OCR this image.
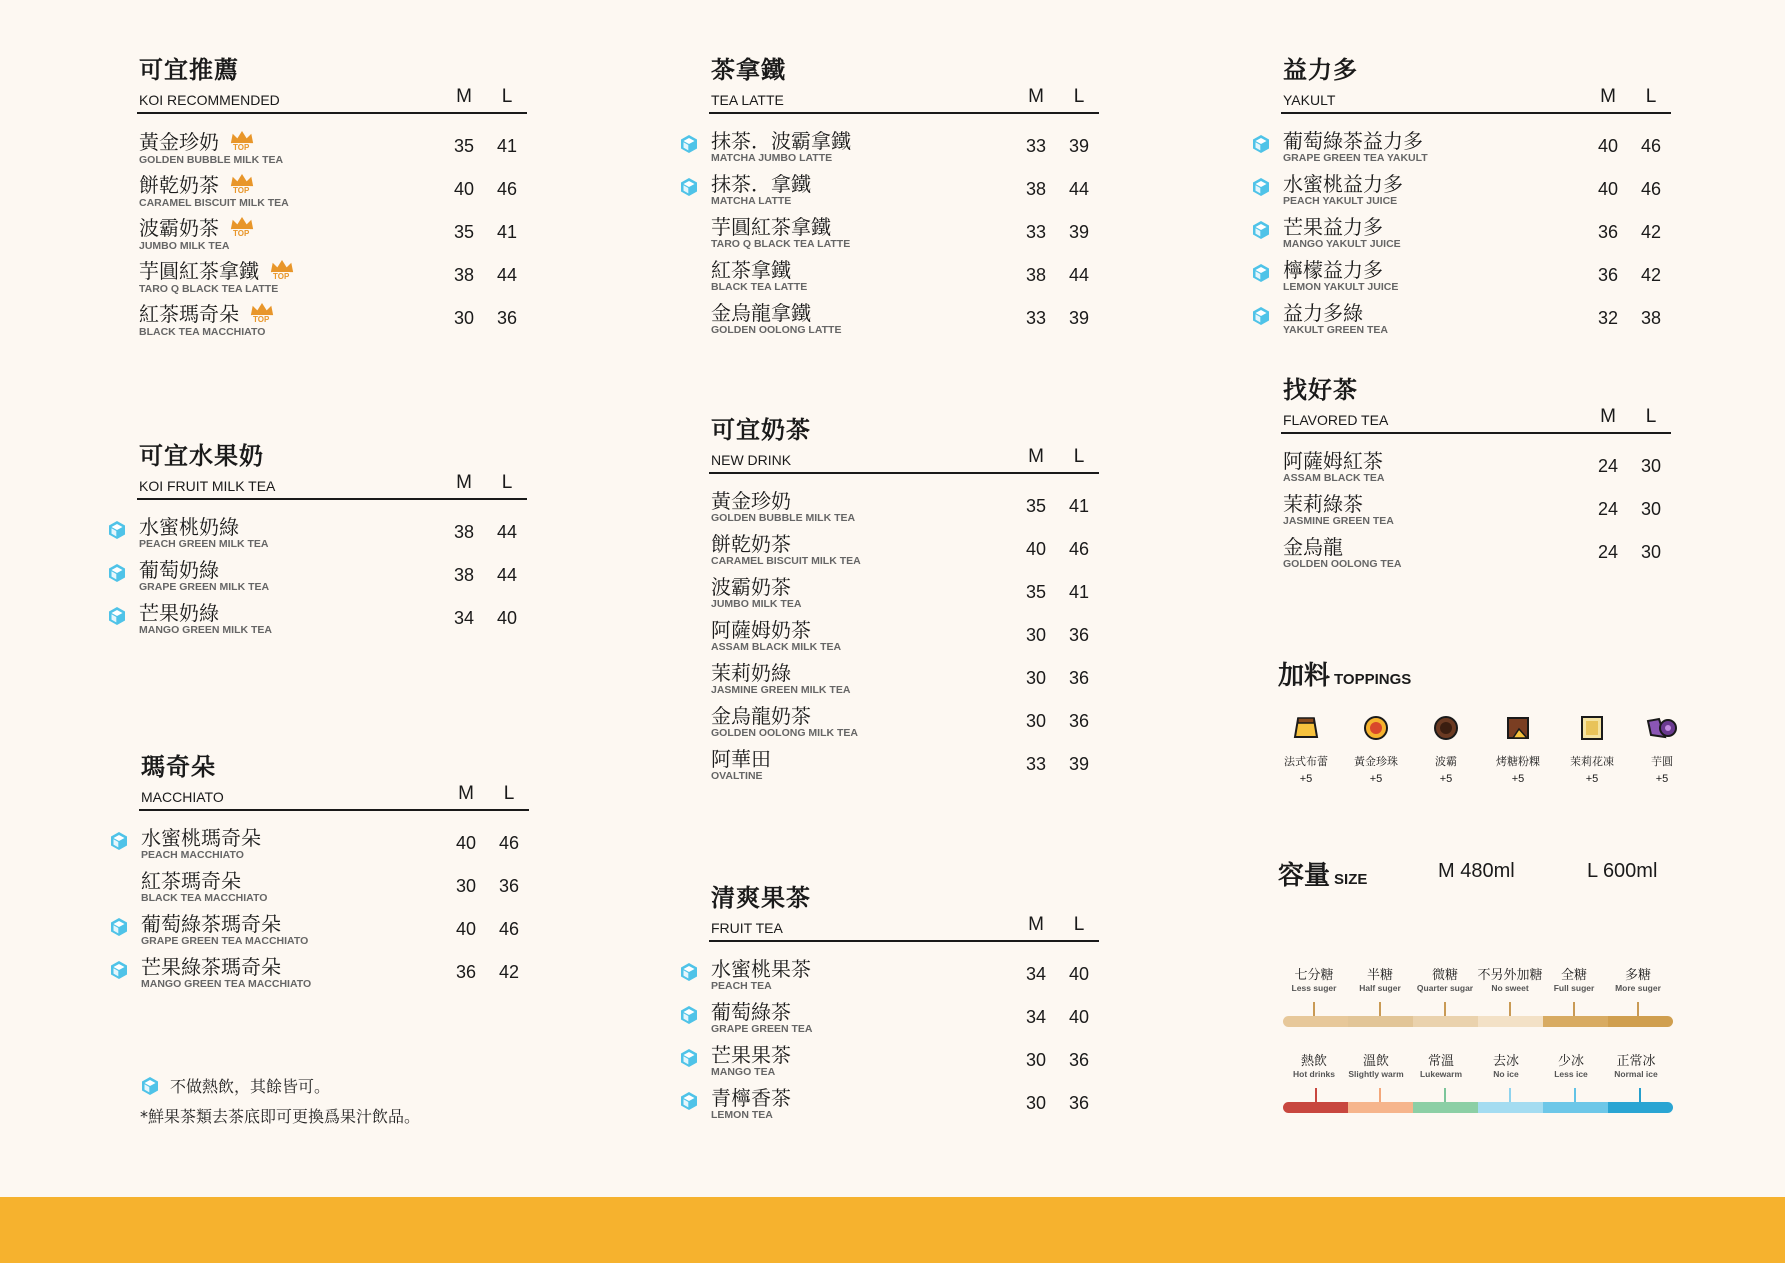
可宜推薦
KOI RECOMMENDED	M	L
黃金珍奶 TOP
GOLDEN BUBBLE MILK TEA
35	41
餅乾奶茶 TOP
CARAMEL BISCUIT MILK TEA
40	46
波霸奶茶 TOP
JUMBO MILK TEA
35	41
芋圓紅茶拿鐵 TOP
TARO Q BLACK TEA LATTE
38	44
紅茶瑪奇朵 TOP
BLACK TEA MACCHIATO
30	36
可宜水果奶
KOI FRUIT MILK TEA	M	L
水蜜桃奶綠
PEACH GREEN MILK TEA
38	44
葡萄奶綠
GRAPE GREEN MILK TEA
38	44
芒果奶綠
MANGO GREEN MILK TEA
34	40
瑪奇朵
MACCHIATO	M	L
水蜜桃瑪奇朵
PEACH MACCHIATO
40	46
紅茶瑪奇朵
BLACK TEA MACCHIATO
30	36
葡萄綠茶瑪奇朵
GRAPE GREEN TEA MACCHIATO
40	46
芒果綠茶瑪奇朵
MANGO GREEN TEA MACCHIATO
36	42
不做熱飲，其餘皆可。
*鮮果茶類去茶底即可更換爲果汁飲品。
茶拿鐵
TEA LATTE	M	L
抹茶．波霸拿鐵
MATCHA JUMBO LATTE
33	39
抹茶．拿鐵
MATCHA LATTE
38	44
芋圓紅茶拿鐵
TARO Q BLACK TEA LATTE
33	39
紅茶拿鐵
BLACK TEA LATTE
38	44
金烏龍拿鐵
GOLDEN OOLONG LATTE
33	39
可宜奶茶
NEW DRINK	M	L
黃金珍奶
GOLDEN BUBBLE MILK TEA
35	41
餅乾奶茶
CARAMEL BISCUIT MILK TEA
40	46
波霸奶茶
JUMBO MILK TEA
35	41
阿薩姆奶茶
ASSAM BLACK MILK TEA
30	36
茉莉奶綠
JASMINE GREEN MILK TEA
30	36
金烏龍奶茶
GOLDEN OOLONG MILK TEA
30	36
阿華田
OVALTINE
33	39
清爽果茶
FRUIT TEA	M	L
水蜜桃果茶
PEACH TEA
34	40
葡萄綠茶
GRAPE GREEN TEA
34	40
芒果果茶
MANGO TEA
30	36
青檸香茶
LEMON TEA
30	36
益力多
YAKULT	M	L
葡萄綠茶益力多
GRAPE GREEN TEA YAKULT
40	46
水蜜桃益力多
PEACH YAKULT JUICE
40	46
芒果益力多
MANGO YAKULT JUICE
36	42
檸檬益力多
LEMON YAKULT JUICE
36	42
益力多綠
YAKULT GREEN TEA
32	38
找好茶
FLAVORED TEA	M	L
阿薩姆紅茶
ASSAM BLACK TEA
24	30
茉莉綠茶
JASMINE GREEN TEA
24	30
金烏龍
GOLDEN OOLONG TEA
24	30
加料 TOPPINGS
法式布蕾
+5
黃金珍珠
+5
波霸
+5
烤糖粉粿
+5
茉莉花凍
+5
芋圓
+5
容量 SIZE	M 480ml	L 600ml
七分糖
Less suger
半糖
Half suger
微糖
Quarter sugar
不另外加糖
No sweet
全糖
Full suger
多糖
More suger
熱飲
Hot drinks
溫飲
Slightly warm
常溫
Lukewarm
去冰
No ice
少冰
Less ice
正常冰
Normal ice
